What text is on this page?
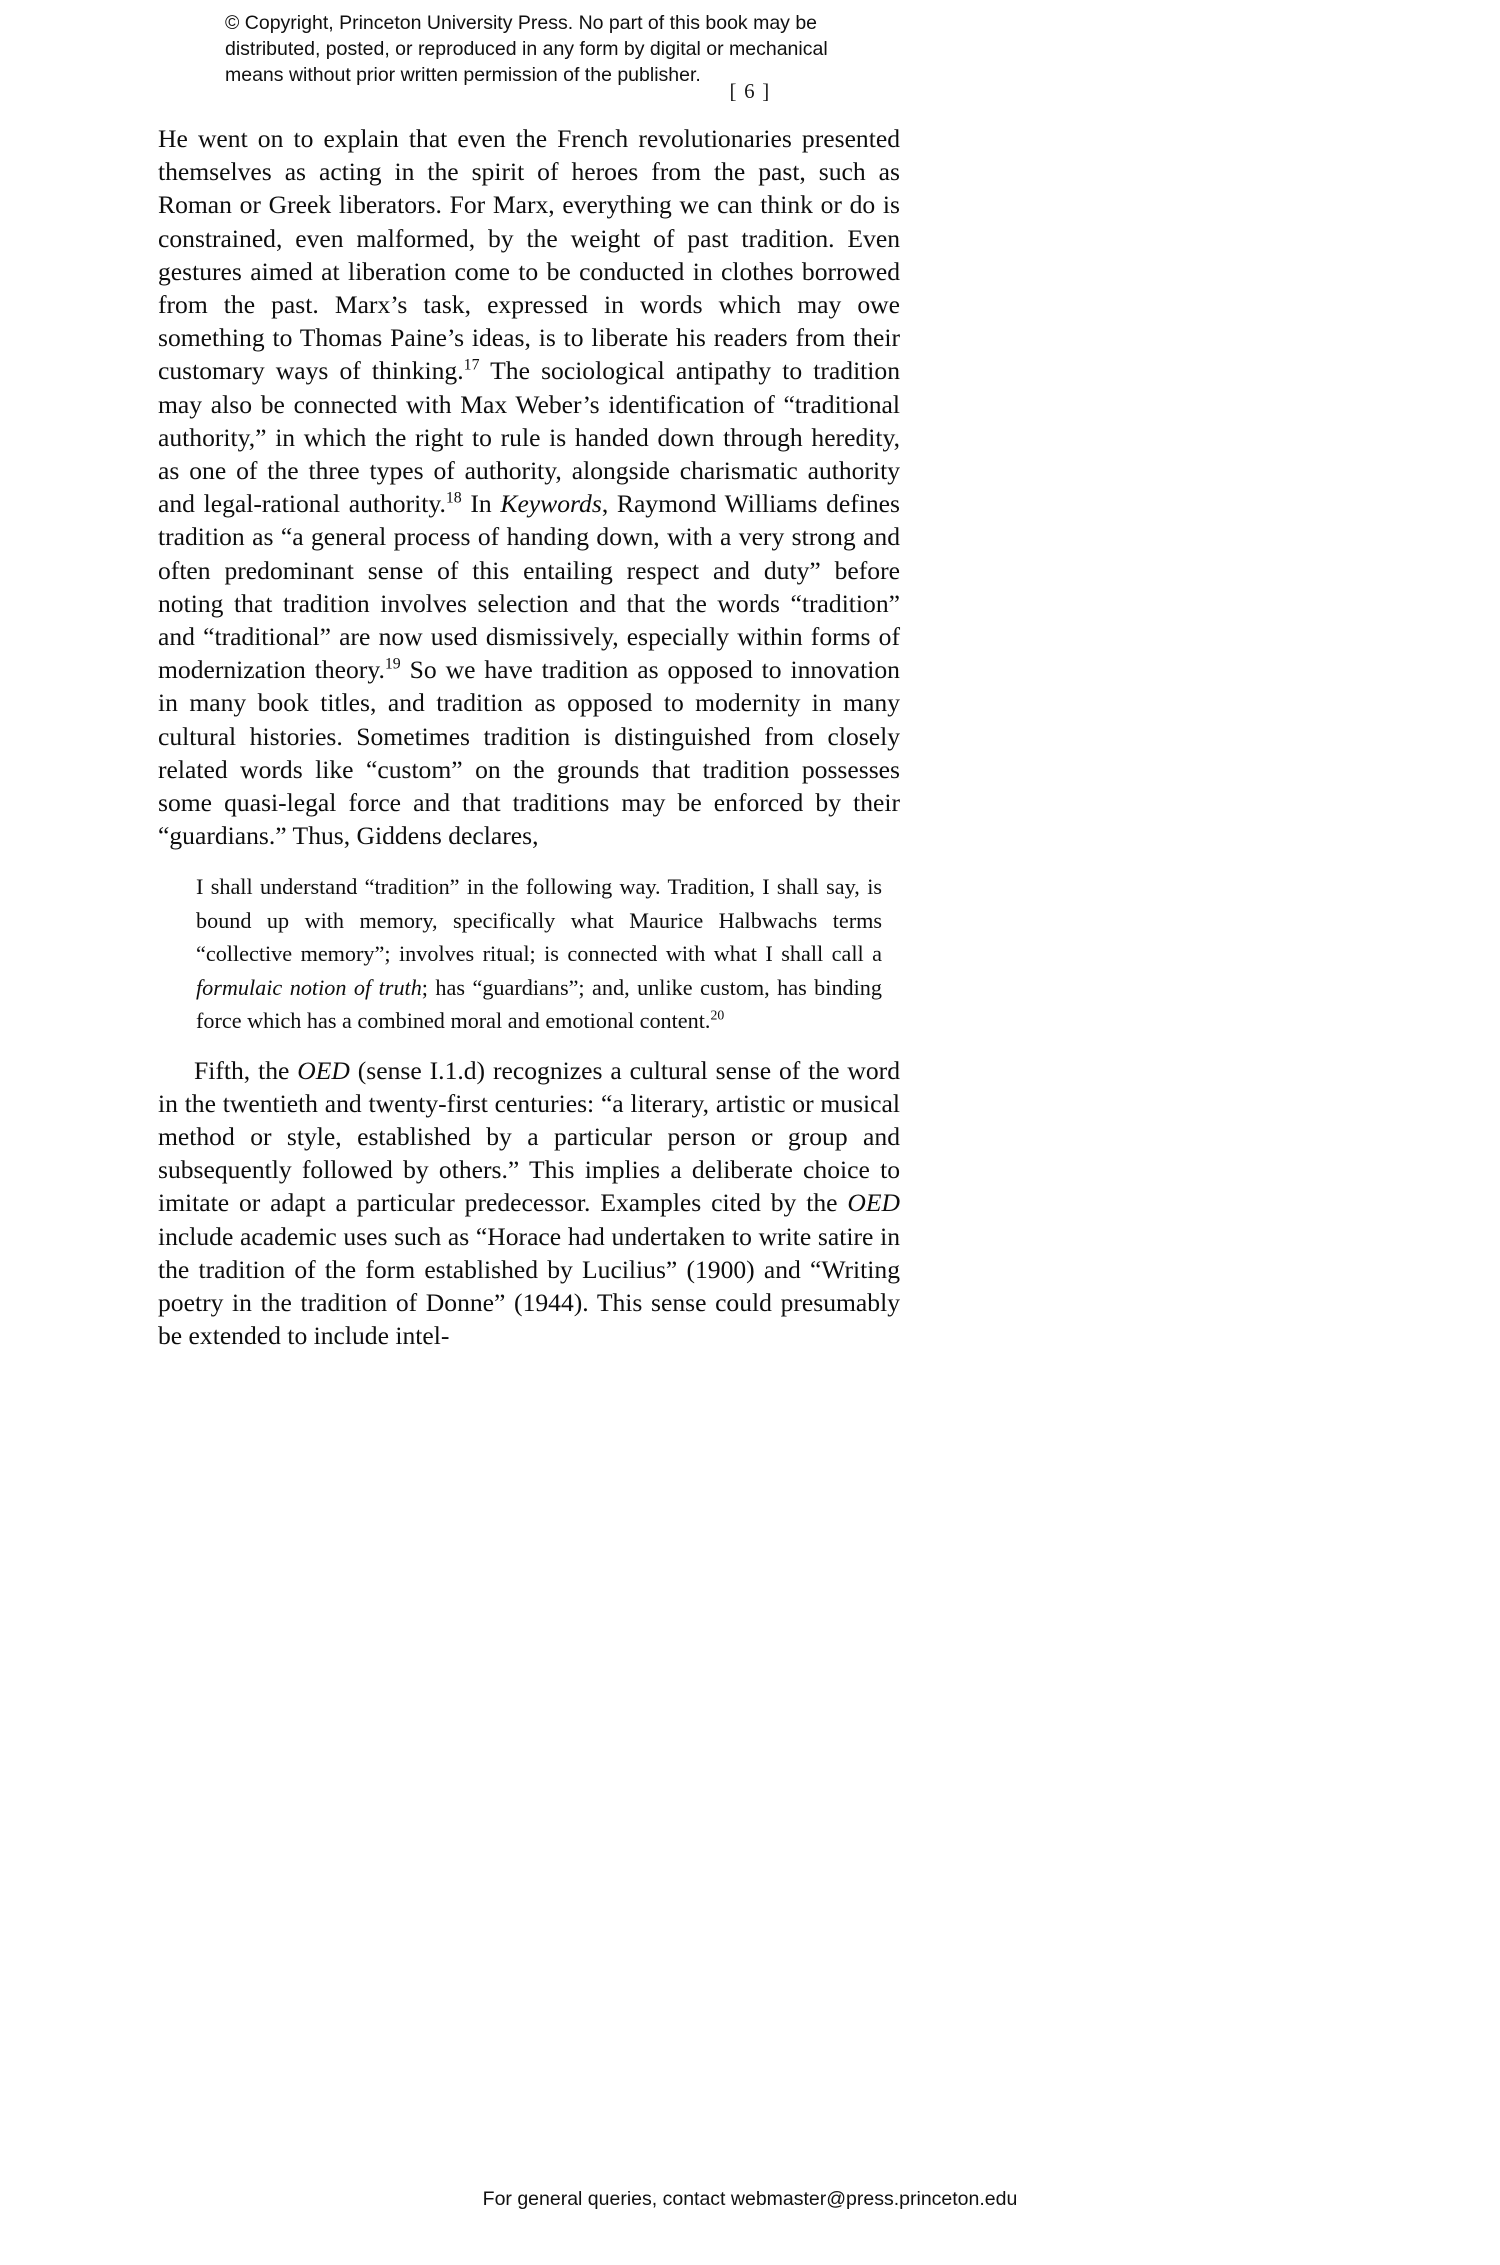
© Copyright, Princeton University Press. No part of this book may be
distributed, posted, or reproduced in any form by digital or mechanical
means without prior written permission of the publisher.
[ 6 ]

He went on to explain that even the French revolutionaries presented themselves as acting in the spirit of heroes from the past, such as Roman or Greek liberators. For Marx, everything we can think or do is constrained, even malformed, by the weight of past tradition. Even gestures aimed at liberation come to be conducted in clothes borrowed from the past. Marx’s task, expressed in words which may owe something to Thomas Paine’s ideas, is to liberate his readers from their customary ways of thinking.$^{17}$ The sociological antipathy to tradition may also be connected with Max Weber’s identification of “traditional authority,” in which the right to rule is handed down through heredity, as one of the three types of authority, alongside charismatic authority and legal-rational authority.$^{18}$ In Keywords, Raymond Williams defines tradition as “a general process of handing down, with a very strong and often predominant sense of this entailing respect and duty” before noting that tradition involves selection and that the words “tradition” and “traditional” are now used dismissively, especially within forms of modernization theory.$^{19}$ So we have tradition as opposed to innovation in many book titles, and tradition as opposed to modernity in many cultural histories. Sometimes tradition is distinguished from closely related words like “custom” on the grounds that tradition possesses some quasi-legal force and that traditions may be enforced by their “guardians.” Thus, Giddens declares,

I shall understand “tradition” in the following way. Tradition, I shall say, is bound up with memory, specifically what Maurice Halbwachs terms “collective memory”; involves ritual; is connected with what I shall call a formulaic notion of truth; has “guardians”; and, unlike custom, has binding force which has a combined moral and emotional content.$^{20}$

Fifth, the OED (sense I.1.d) recognizes a cultural sense of the word in the twentieth and twenty-first centuries: “a literary, artistic or musical method or style, established by a particular person or group and subsequently followed by others.” This implies a deliberate choice to imitate or adapt a particular predecessor. Examples cited by the OED include academic uses such as “Horace had undertaken to write satire in the tradition of the form established by Lucilius” (1900) and “Writing poetry in the tradition of Donne” (1944). This sense could presumably be extended to include intel-

For general queries, contact webmaster@press.princeton.edu
